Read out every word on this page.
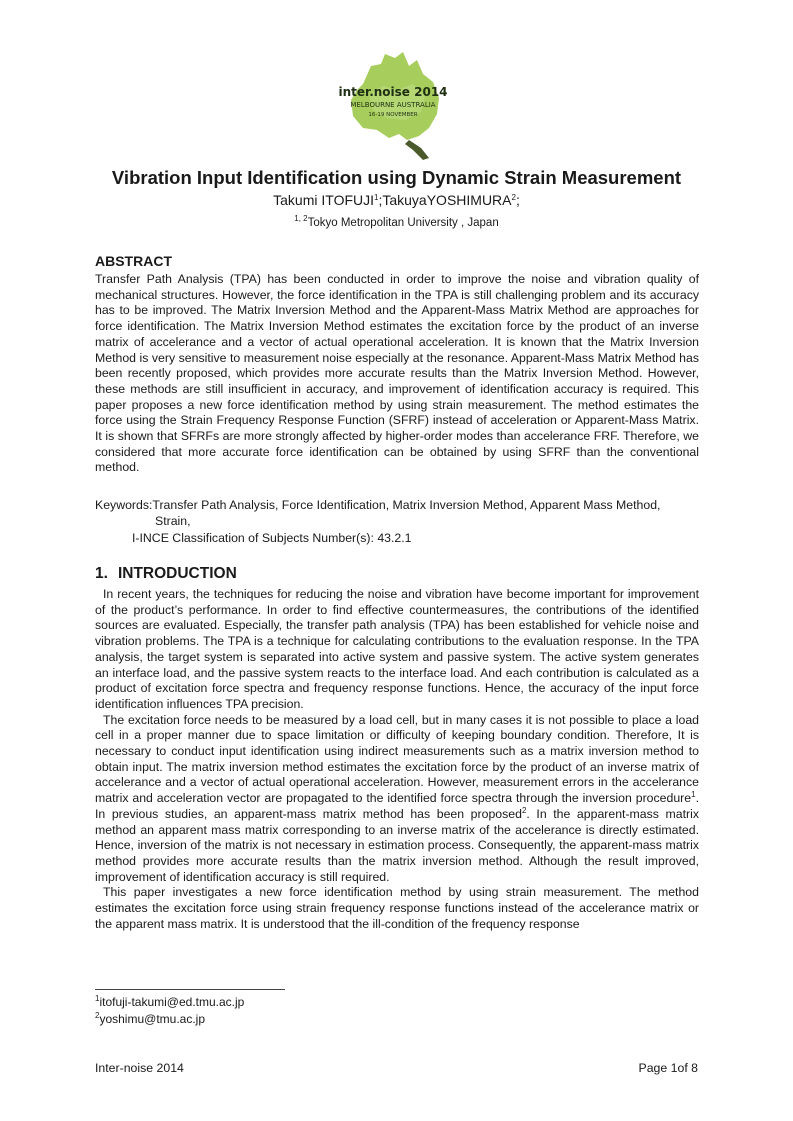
inter.noise 2014
MELBOURNE AUSTRALIA
16-19 NOVEMBER
Vibration Input Identification using Dynamic Strain Measurement
Takumi ITOFUJI$^1$;TakuyaYOSHIMURA$^2$;
$^{1, 2}$Tokyo Metropolitan University , Japan
ABSTRACT

Transfer Path Analysis (TPA) has been conducted in order to improve the noise and vibration quality of mechanical structures. However, the force identification in the TPA is still challenging problem and its accuracy has to be improved. The Matrix Inversion Method and the Apparent-Mass Matrix Method are approaches for force identification. The Matrix Inversion Method estimates the excitation force by the product of an inverse matrix of accelerance and a vector of actual operational acceleration. It is known that the Matrix Inversion Method is very sensitive to measurement noise especially at the resonance. Apparent-Mass Matrix Method has been recently proposed, which provides more accurate results than the Matrix Inversion Method. However, these methods are still insufficient in accuracy, and improvement of identification accuracy is required. This paper proposes a new force identification method by using strain measurement. The method estimates the force using the Strain Frequency Response Function (SFRF) instead of acceleration or Apparent-Mass Matrix. It is shown that SFRFs are more strongly affected by higher-order modes than accelerance FRF. Therefore, we considered that more accurate force identification can be obtained by using SFRF than the conventional method.

Keywords:Transfer Path Analysis, Force Identification, Matrix Inversion Method, Apparent Mass Method,
Strain,
I-INCE Classification of Subjects Number(s): 43.2.1
1. INTRODUCTION
In recent years, the techniques for reducing the noise and vibration have become important for improvement of the product’s performance. In order to find effective countermeasures, the contributions of the identified sources are evaluated. Especially, the transfer path analysis (TPA) has been established for vehicle noise and vibration problems. The TPA is a technique for calculating contributions to the evaluation response. In the TPA analysis, the target system is separated into active system and passive system. The active system generates an interface load, and the passive system reacts to the interface load. And each contribution is calculated as a product of excitation force spectra and frequency response functions. Hence, the accuracy of the input force identification influences TPA precision.
The excitation force needs to be measured by a load cell, but in many cases it is not possible to place a load cell in a proper manner due to space limitation or difficulty of keeping boundary condition. Therefore, It is necessary to conduct input identification using indirect measurements such as a matrix inversion method to obtain input. The matrix inversion method estimates the excitation force by the product of an inverse matrix of accelerance and a vector of actual operational acceleration. However, measurement errors in the accelerance matrix and acceleration vector are propagated to the identified force spectra through the inversion procedure$^1$. In previous studies, an apparent-mass matrix method has been proposed$^2$. In the apparent-mass matrix method an apparent mass matrix corresponding to an inverse matrix of the accelerance is directly estimated. Hence, inversion of the matrix is not necessary in estimation process. Consequently, the apparent-mass matrix method provides more accurate results than the matrix inversion method. Although the result improved, improvement of identification accuracy is still required.
This paper investigates a new force identification method by using strain measurement. The method estimates the excitation force using strain frequency response functions instead of the accelerance matrix or the apparent mass matrix. It is understood that the ill-condition of the frequency response
$^1$itofuji-takumi@ed.tmu.ac.jp
$^2$yoshimu@tmu.ac.jp
Inter-noise 2014	Page 1of 8
